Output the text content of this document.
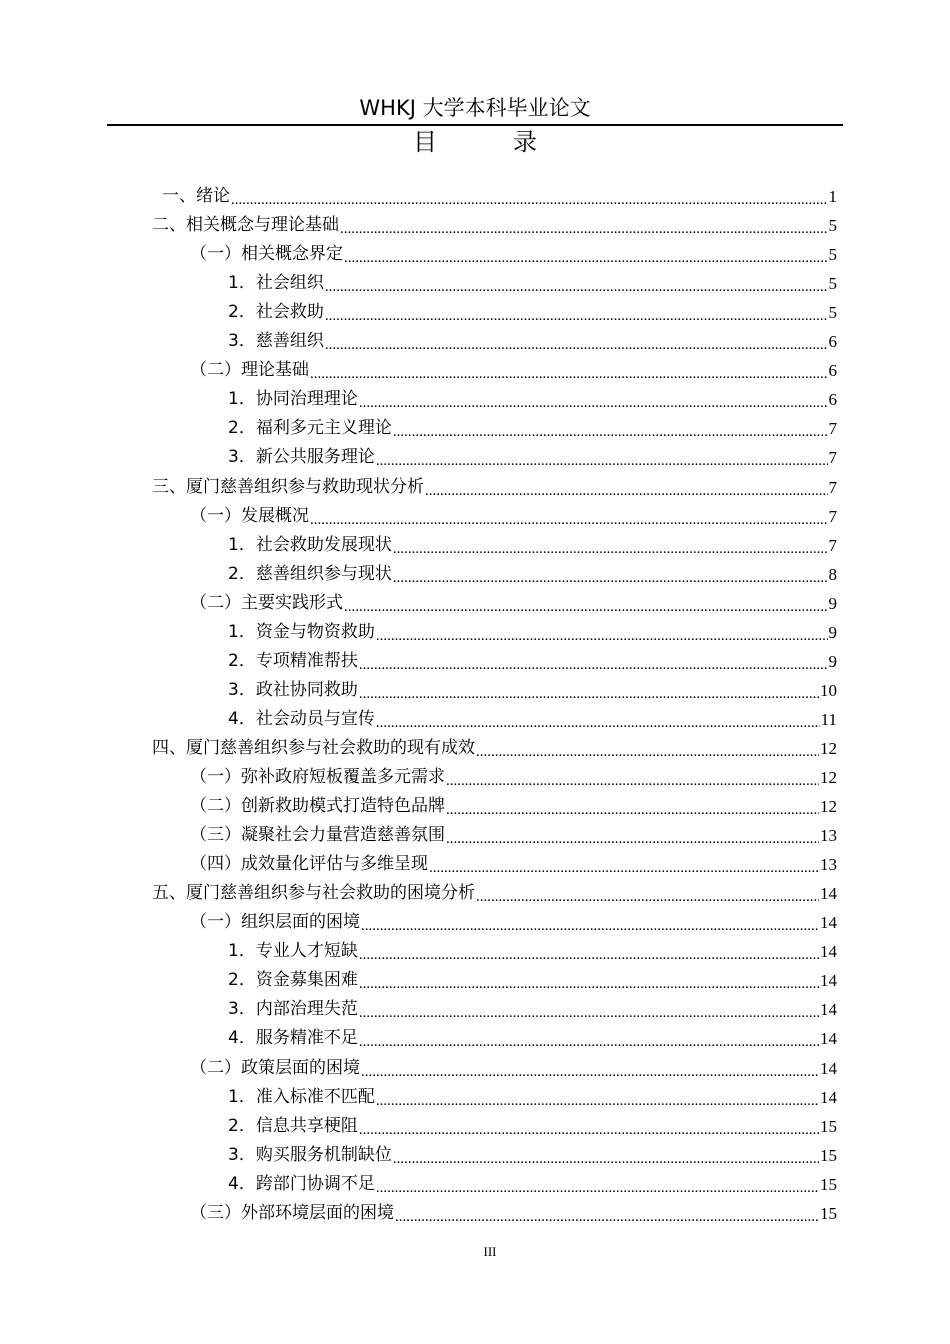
WHKJ 大学本科毕业论文
目　录
一、绪论 .....	1
二、相关概念与理论基础 .....	5
（一）相关概念界定 .....	5
1．社会组织 .....	5
2．社会救助 .....	5
3．慈善组织 .....	6
（二）理论基础 .....	6
1．协同治理理论 .....	6
2．福利多元主义理论 .....	7
3．新公共服务理论 .....	7
三、厦门慈善组织参与救助现状分析 .....	7
（一）发展概况 .....	7
1．社会救助发展现状 .....	7
2．慈善组织参与现状 .....	8
（二）主要实践形式 .....	9
1．资金与物资救助 .....	9
2．专项精准帮扶 .....	9
3．政社协同救助 .....	10
4．社会动员与宣传 .....	11
四、厦门慈善组织参与社会救助的现有成效 .....	12
（一）弥补政府短板覆盖多元需求 .....	12
（二）创新救助模式打造特色品牌 .....	12
（三）凝聚社会力量营造慈善氛围 .....	13
（四）成效量化评估与多维呈现 .....	13
五、厦门慈善组织参与社会救助的困境分析 .....	14
（一）组织层面的困境 .....	14
1．专业人才短缺 .....	14
2．资金募集困难 .....	14
3．内部治理失范 .....	14
4．服务精准不足 .....	14
（二）政策层面的困境 .....	14
1．准入标准不匹配 .....	14
2．信息共享梗阻 .....	15
3．购买服务机制缺位 .....	15
4．跨部门协调不足 .....	15
（三）外部环境层面的困境 .....	15
III
